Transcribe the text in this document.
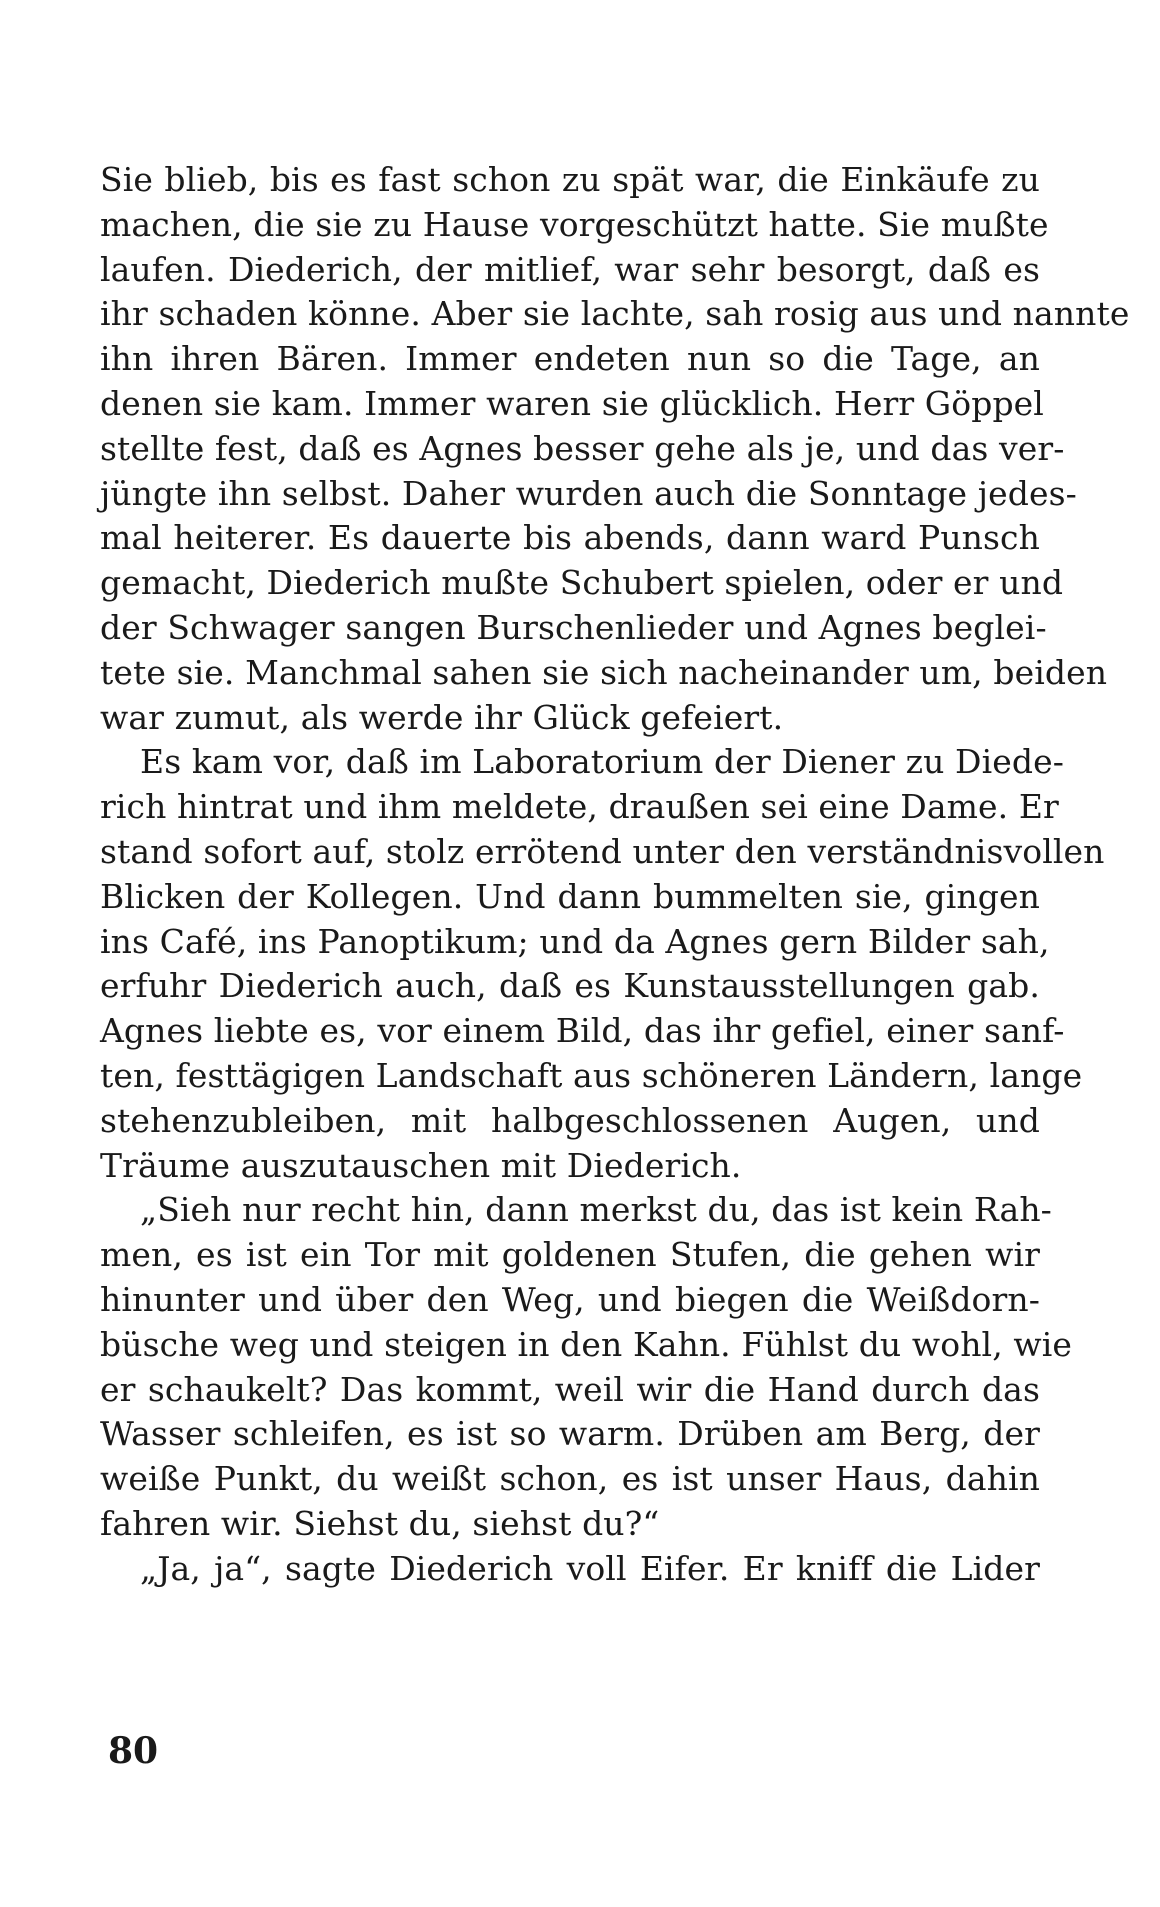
Sie blieb, bis es fast schon zu spät war, die Einkäufe zu
machen, die sie zu Hause vorgeschützt hatte. Sie mußte
laufen. Diederich, der mitlief, war sehr besorgt, daß es
ihr schaden könne. Aber sie lachte, sah rosig aus und nannte
ihn ihren Bären. Immer endeten nun so die Tage, an
denen sie kam. Immer waren sie glücklich. Herr Göppel
stellte fest, daß es Agnes besser gehe als je, und das ver-
jüngte ihn selbst. Daher wurden auch die Sonntage jedes-
mal heiterer. Es dauerte bis abends, dann ward Punsch
gemacht, Diederich mußte Schubert spielen, oder er und
der Schwager sangen Burschenlieder und Agnes beglei-
tete sie. Manchmal sahen sie sich nacheinander um, beiden
war zumut, als werde ihr Glück gefeiert.
Es kam vor, daß im Laboratorium der Diener zu Diede-
rich hintrat und ihm meldete, draußen sei eine Dame. Er
stand sofort auf, stolz errötend unter den verständnisvollen
Blicken der Kollegen. Und dann bummelten sie, gingen
ins Café, ins Panoptikum; und da Agnes gern Bilder sah,
erfuhr Diederich auch, daß es Kunstausstellungen gab.
Agnes liebte es, vor einem Bild, das ihr gefiel, einer sanf-
ten, festtägigen Landschaft aus schöneren Ländern, lange
stehenzubleiben, mit halbgeschlossenen Augen, und
Träume auszutauschen mit Diederich.
„Sieh nur recht hin, dann merkst du, das ist kein Rah-
men, es ist ein Tor mit goldenen Stufen, die gehen wir
hinunter und über den Weg, und biegen die Weißdorn-
büsche weg und steigen in den Kahn. Fühlst du wohl, wie
er schaukelt? Das kommt, weil wir die Hand durch das
Wasser schleifen, es ist so warm. Drüben am Berg, der
weiße Punkt, du weißt schon, es ist unser Haus, dahin
fahren wir. Siehst du, siehst du?“
„Ja, ja“, sagte Diederich voll Eifer. Er kniff die Lider
80
